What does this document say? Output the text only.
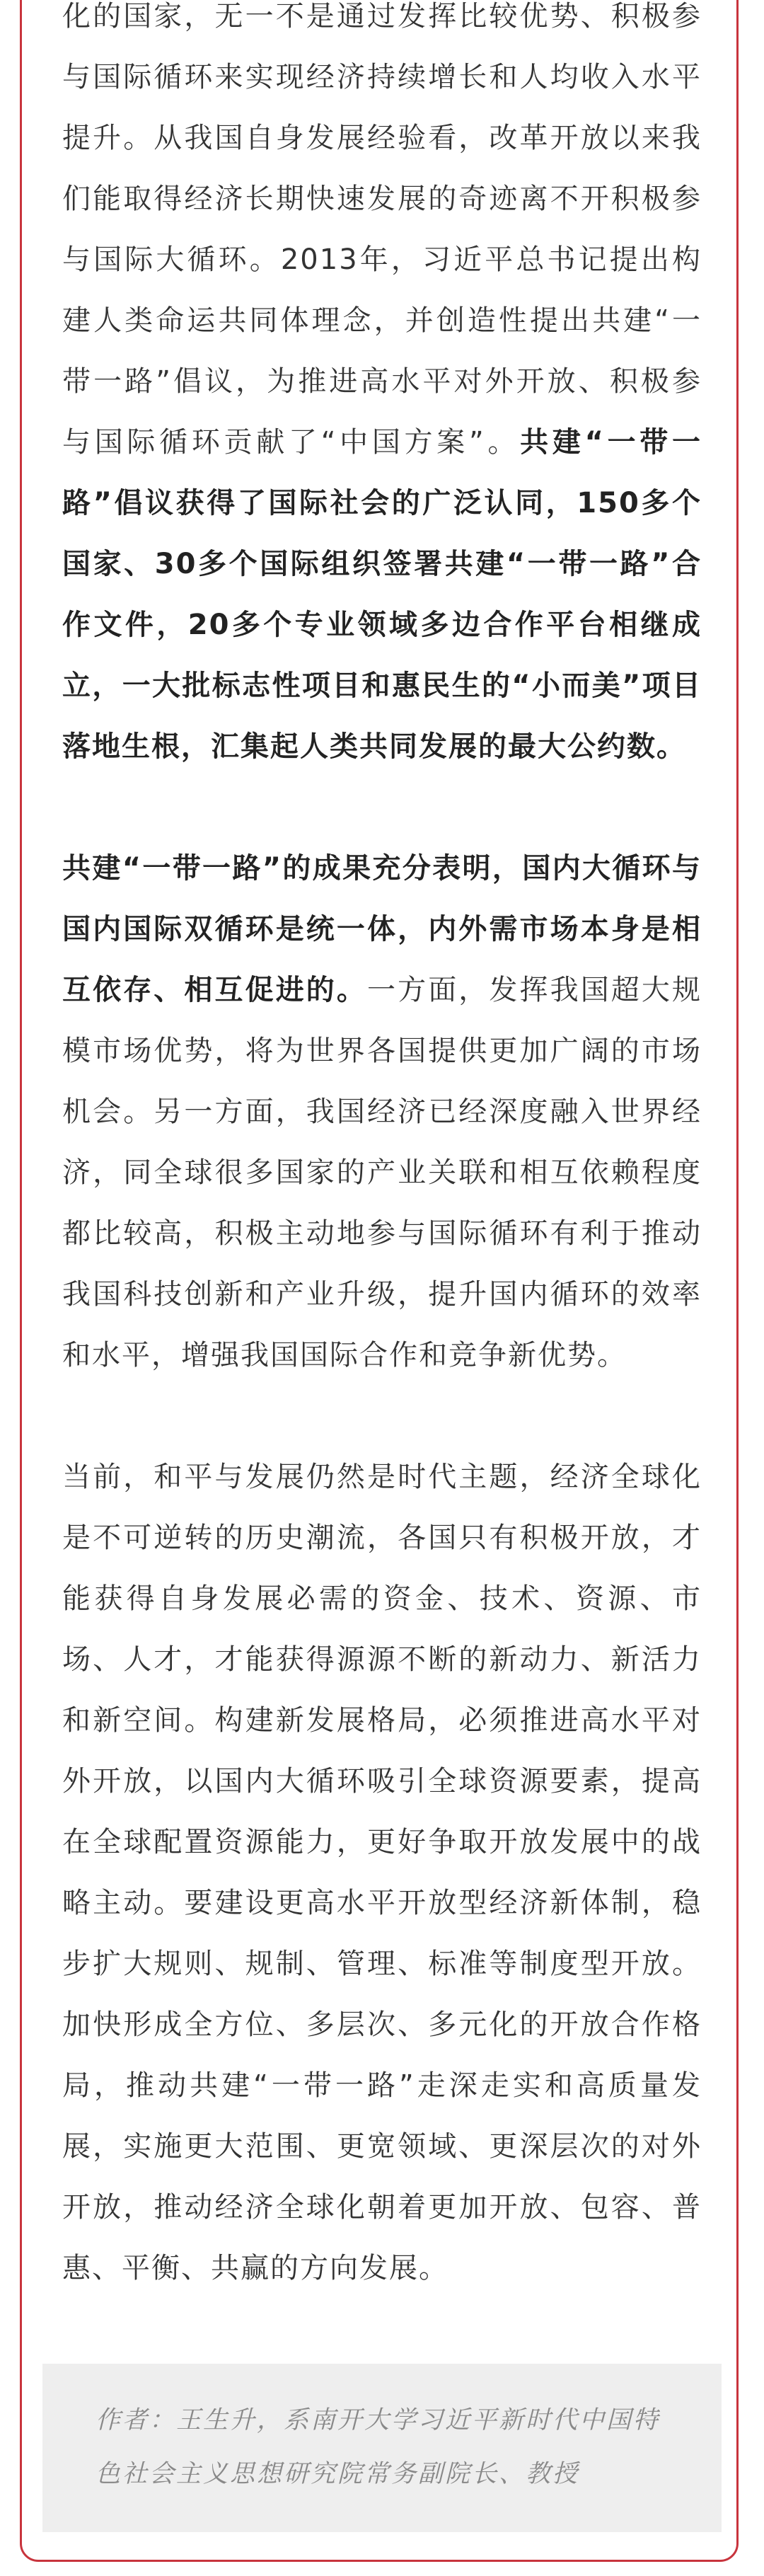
化的国家，无一不是通过发挥比较优势、积极参与国际循环来实现经济持续增长和人均收入水平提升。从我国自身发展经验看，改革开放以来我们能取得经济长期快速发展的奇迹离不开积极参与国际大循环。2013年，习近平总书记提出构建人类命运共同体理念，并创造性提出共建“一带一路”倡议，为推进高水平对外开放、积极参与国际循环贡献了“中国方案”。共建“一带一路”倡议获得了国际社会的广泛认同，150多个国家、30多个国际组织签署共建“一带一路”合作文件，20多个专业领域多边合作平台相继成立，一大批标志性项目和惠民生的“小而美”项目落地生根，汇集起人类共同发展的最大公约数。

共建“一带一路”的成果充分表明，国内大循环与国内国际双循环是统一体，内外需市场本身是相互依存、相互促进的。一方面，发挥我国超大规模市场优势，将为世界各国提供更加广阔的市场机会。另一方面，我国经济已经深度融入世界经济，同全球很多国家的产业关联和相互依赖程度都比较高，积极主动地参与国际循环有利于推动我国科技创新和产业升级，提升国内循环的效率和水平，增强我国国际合作和竞争新优势。

当前，和平与发展仍然是时代主题，经济全球化是不可逆转的历史潮流，各国只有积极开放，才能获得自身发展必需的资金、技术、资源、市场、人才，才能获得源源不断的新动力、新活力和新空间。构建新发展格局，必须推进高水平对外开放，以国内大循环吸引全球资源要素，提高在全球配置资源能力，更好争取开放发展中的战略主动。要建设更高水平开放型经济新体制，稳步扩大规则、规制、管理、标准等制度型开放。加快形成全方位、多层次、多元化的开放合作格局，推动共建“一带一路”走深走实和高质量发展，实施更大范围、更宽领域、更深层次的对外开放，推动经济全球化朝着更加开放、包容、普惠、平衡、共赢的方向发展。

作者：王生升，系南开大学习近平新时代中国特色社会主义思想研究院常务副院长、教授
